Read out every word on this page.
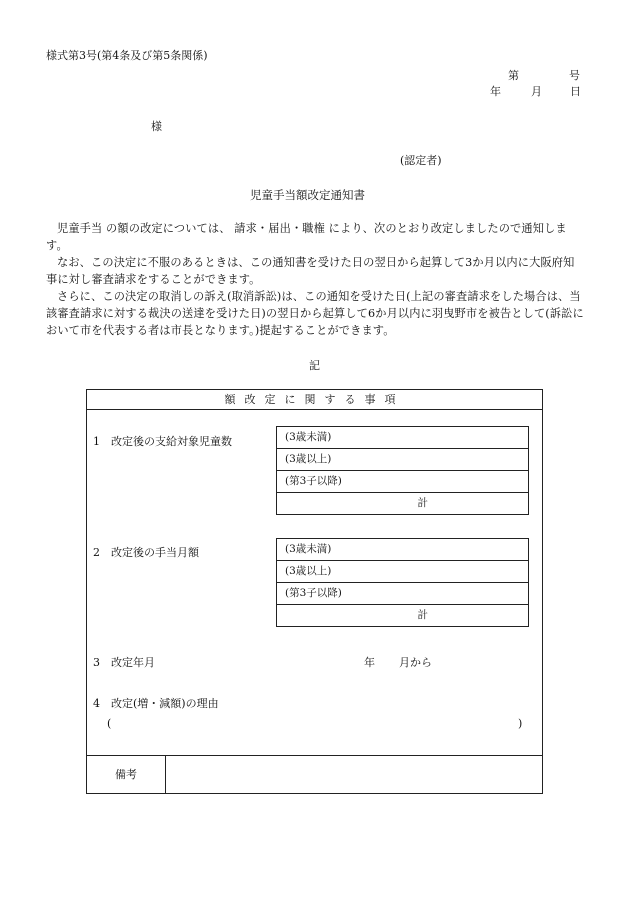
様式第3号(第4条及び第5条関係)
第	号
年	月	日
様
(認定者)
児童手当額改定通知書
児童手当 の額の改定については、 請求・届出・職権 により、次のとおり改定しましたので通知します。
なお、この決定に不服のあるときは、この通知書を受けた日の翌日から起算して3か月以内に大阪府知事に対し審査請求をすることができます。
さらに、この決定の取消しの訴え(取消訴訟)は、この通知を受けた日(上記の審査請求をした場合は、当該審査請求に対する裁決の送達を受けた日)の翌日から起算して6か月以内に羽曳野市を被告として(訴訟において市を代表する者は市長となります。)提起することができます。
記
額改定に関する事項
1　改定後の支給対象児童数	(3歳未満)
(3歳以上)
(第3子以降)
計
2　改定後の手当月額	(3歳未満)
(3歳以上)
(第3子以降)
計
3　改定年月	年 月から
4　改定(増・減額)の理由
(	)
備考
